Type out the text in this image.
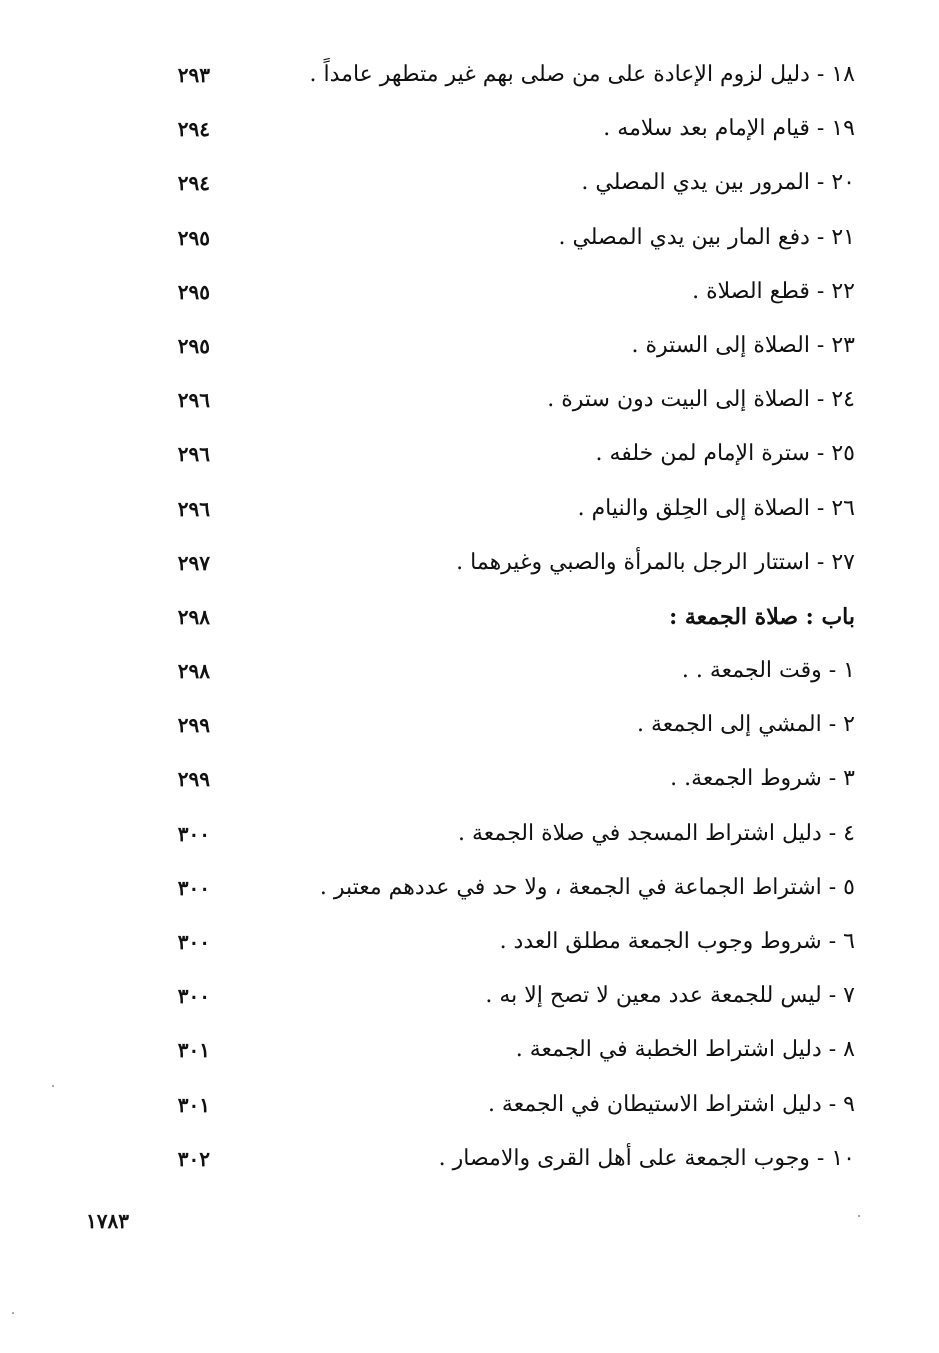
١٨ - دليل لزوم الإعادة على من صلى بهم غير متطهر عامداً .
٢٩٣
١٩ - قيام الإمام بعد سلامه .
٢٩٤
٢٠ - المرور بين يدي المصلي .
٢٩٤
٢١ - دفع المار بين يدي المصلي .
٢٩٥
٢٢ - قطع الصلاة .
٢٩٥
٢٣ - الصلاة إلى السترة .
٢٩٥
٢٤ - الصلاة إلى البيت دون سترة .
٢٩٦
٢٥ - سترة الإمام لمن خلفه .
٢٩٦
٢٦ - الصلاة إلى الحِلق والنيام .
٢٩٦
٢٧ - استتار الرجل بالمرأة والصبي وغيرهما .
٢٩٧
باب : صلاة الجمعة :
٢٩٨
١ - وقت الجمعة . .
٢٩٨
٢ - المشي إلى الجمعة .
٢٩٩
٣ - شروط الجمعة. .
٢٩٩
٤ - دليل اشتراط المسجد في صلاة الجمعة .
٣٠٠
٥ - اشتراط الجماعة في الجمعة ، ولا حد في عددهم معتبر .
٣٠٠
٦ - شروط وجوب الجمعة مطلق العدد .
٣٠٠
٧ - ليس للجمعة عدد معين لا تصح إلا به .
٣٠٠
٨ - دليل اشتراط الخطبة في الجمعة .
٣٠١
٩ - دليل اشتراط الاستيطان في الجمعة .
٣٠١
١٠ - وجوب الجمعة على أهل القرى والامصار .
٣٠٢
١٧٨٣
